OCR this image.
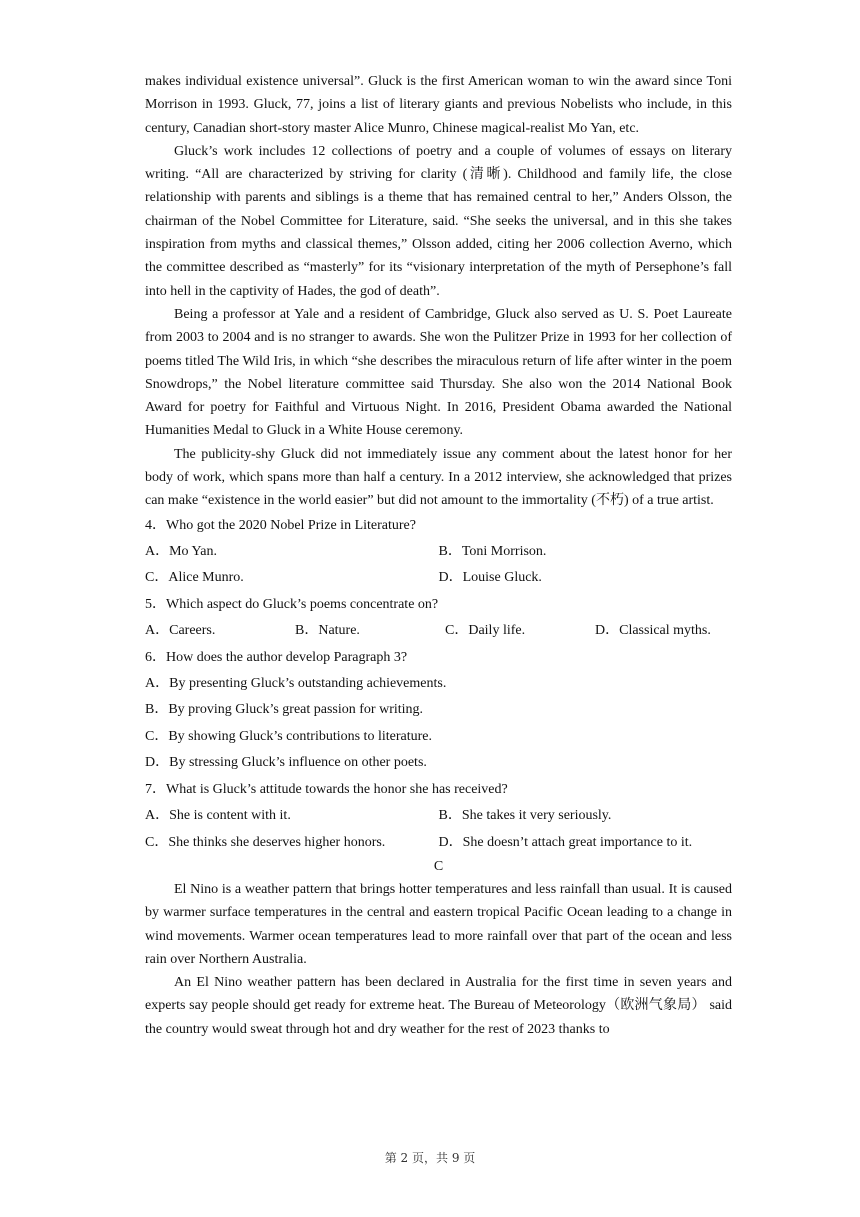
makes individual existence universal”. Gluck is the first American woman to win the award since Toni Morrison in 1993. Gluck, 77, joins a list of literary giants and previous Nobelists who include, in this century, Canadian short-story master Alice Munro, Chinese magical-realist Mo Yan, etc.

Gluck’s work includes 12 collections of poetry and a couple of volumes of essays on literary writing. “All are characterized by striving for clarity (清晰). Childhood and family life, the close relationship with parents and siblings is a theme that has remained central to her,” Anders Olsson, the chairman of the Nobel Committee for Literature, said. “She seeks the universal, and in this she takes inspiration from myths and classical themes,” Olsson added, citing her 2006 collection Averno, which the committee described as “masterly” for its “visionary interpretation of the myth of Persephone’s fall into hell in the captivity of Hades, the god of death”.

Being a professor at Yale and a resident of Cambridge, Gluck also served as U. S. Poet Laureate from 2003 to 2004 and is no stranger to awards. She won the Pulitzer Prize in 1993 for her collection of poems titled The Wild Iris, in which “she describes the miraculous return of life after winter in the poem Snowdrops,” the Nobel literature committee said Thursday. She also won the 2014 National Book Award for poetry for Faithful and Virtuous Night. In 2016, President Obama awarded the National Humanities Medal to Gluck in a White House ceremony.

The publicity-shy Gluck did not immediately issue any comment about the latest honor for her body of work, which spans more than half a century. In a 2012 interview, she acknowledged that prizes can make “existence in the world easier” but did not amount to the immortality (不朽) of a true artist.

4．Who got the 2020 Nobel Prize in Literature?

A．Mo Yan.	B．Toni Morrison.
C．Alice Munro.	D．Louise Gluck.

5．Which aspect do Gluck’s poems concentrate on?

A．Careers.	B．Nature.	C．Daily life.	D．Classical myths.

6．How does the author develop Paragraph 3?

A．By presenting Gluck’s outstanding achievements.

B．By proving Gluck’s great passion for writing.

C．By showing Gluck’s contributions to literature.

D．By stressing Gluck’s influence on other poets.

7．What is Gluck’s attitude towards the honor she has received?

A．She is content with it.	B．She takes it very seriously.
C．She thinks she deserves higher honors.	D．She doesn’t attach great importance to it.

C

El Nino is a weather pattern that brings hotter temperatures and less rainfall than usual. It is caused by warmer surface temperatures in the central and eastern tropical Pacific Ocean leading to a change in wind movements. Warmer ocean temperatures lead to more rainfall over that part of the ocean and less rain over Northern Australia.

An El Nino weather pattern has been declared in Australia for the first time in seven years and experts say people should get ready for extreme heat. The Bureau of Meteorology（欧洲气象局） said the country would sweat through hot and dry weather for the rest of 2023 thanks to

第 2 页，共 9 页
